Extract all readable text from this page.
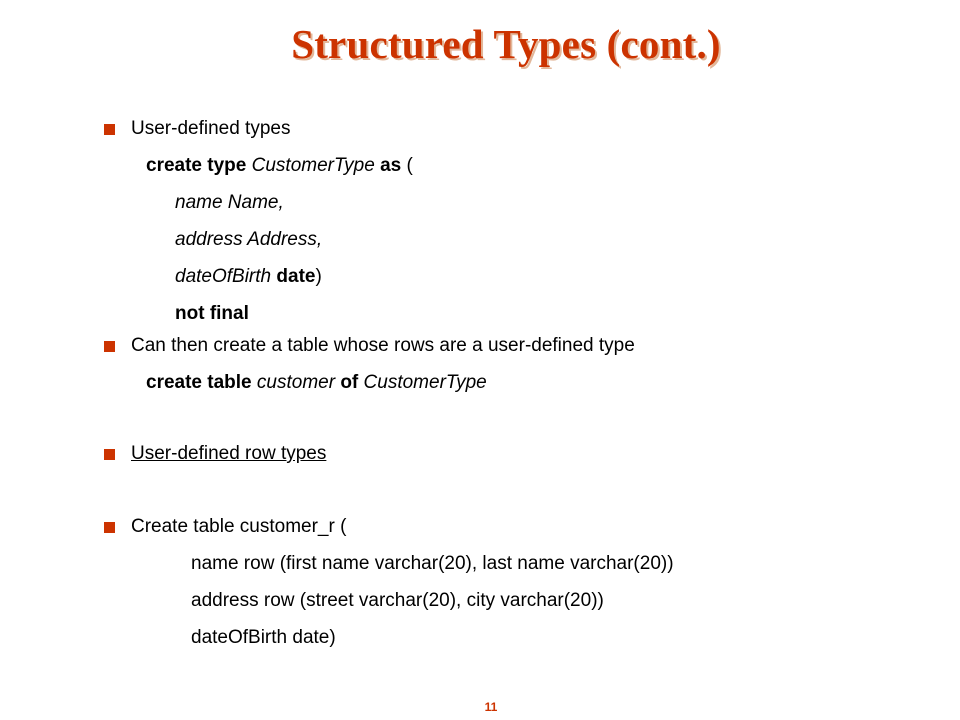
Structured Types (cont.)
User-defined types
create type CustomerType as (
name Name,
address Address,
dateOfBirth date)
not final
Can then create a table whose rows are a user-defined type
create table customer of CustomerType
User-defined row types
Create table customer_r (
name row (first name varchar(20), last name varchar(20))
address row (street varchar(20), city varchar(20))
dateOfBirth date)
11
